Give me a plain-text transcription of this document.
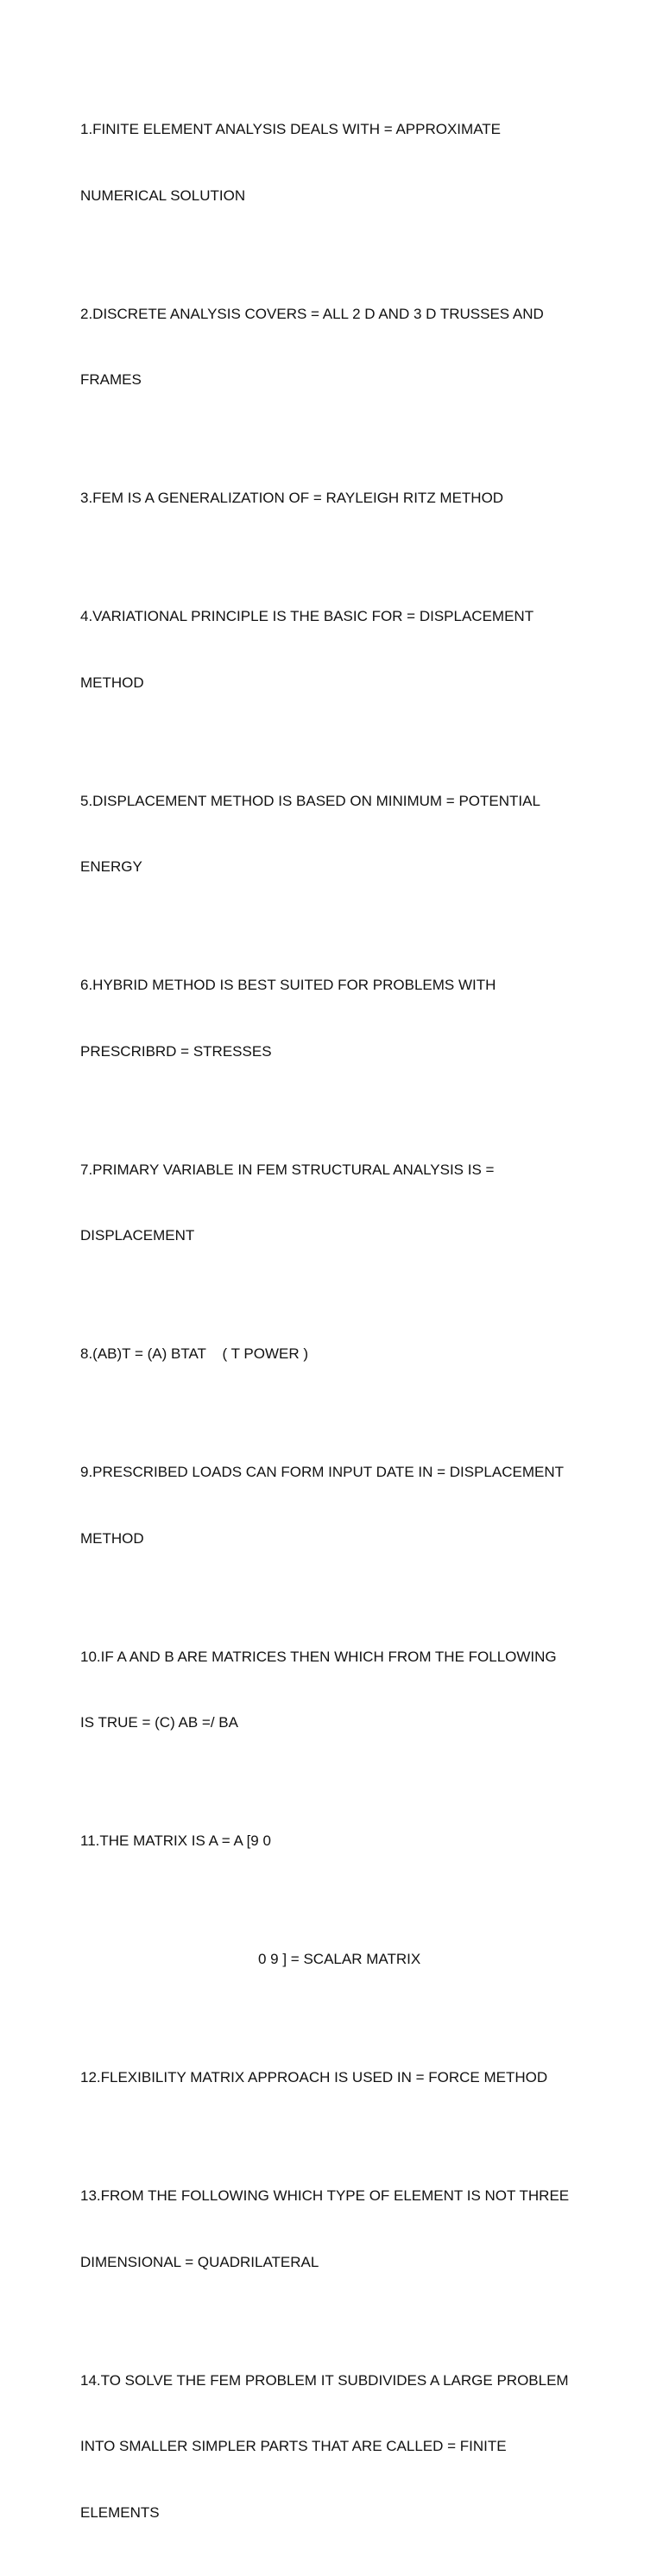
1.FINITE ELEMENT ANALYSIS DEALS WITH = APPROXIMATE

NUMERICAL SOLUTION

2.DISCRETE ANALYSIS COVERS = ALL 2 D AND 3 D TRUSSES AND

FRAMES

3.FEM IS A GENERALIZATION OF = RAYLEIGH RITZ METHOD

4.VARIATIONAL PRINCIPLE IS THE BASIC FOR = DISPLACEMENT

METHOD

5.DISPLACEMENT METHOD IS BASED ON MINIMUM = POTENTIAL

ENERGY

6.HYBRID METHOD IS BEST SUITED FOR PROBLEMS WITH

PRESCRIBRD = STRESSES

7.PRIMARY VARIABLE IN FEM STRUCTURAL ANALYSIS IS =

DISPLACEMENT

8.(AB)T = (A) BTAT    ( T POWER )

9.PRESCRIBED LOADS CAN FORM INPUT DATE IN = DISPLACEMENT

METHOD

10.IF A AND B ARE MATRICES THEN WHICH FROM THE FOLLOWING

IS TRUE = (C) AB =/ BA

11.THE MATRIX IS A = A [9 0

0 9 ] = SCALAR MATRIX

12.FLEXIBILITY MATRIX APPROACH IS USED IN = FORCE METHOD

13.FROM THE FOLLOWING WHICH TYPE OF ELEMENT IS NOT THREE

DIMENSIONAL = QUADRILATERAL

14.TO SOLVE THE FEM PROBLEM IT SUBDIVIDES A LARGE PROBLEM

INTO SMALLER SIMPLER PARTS THAT ARE CALLED = FINITE

ELEMENTS
